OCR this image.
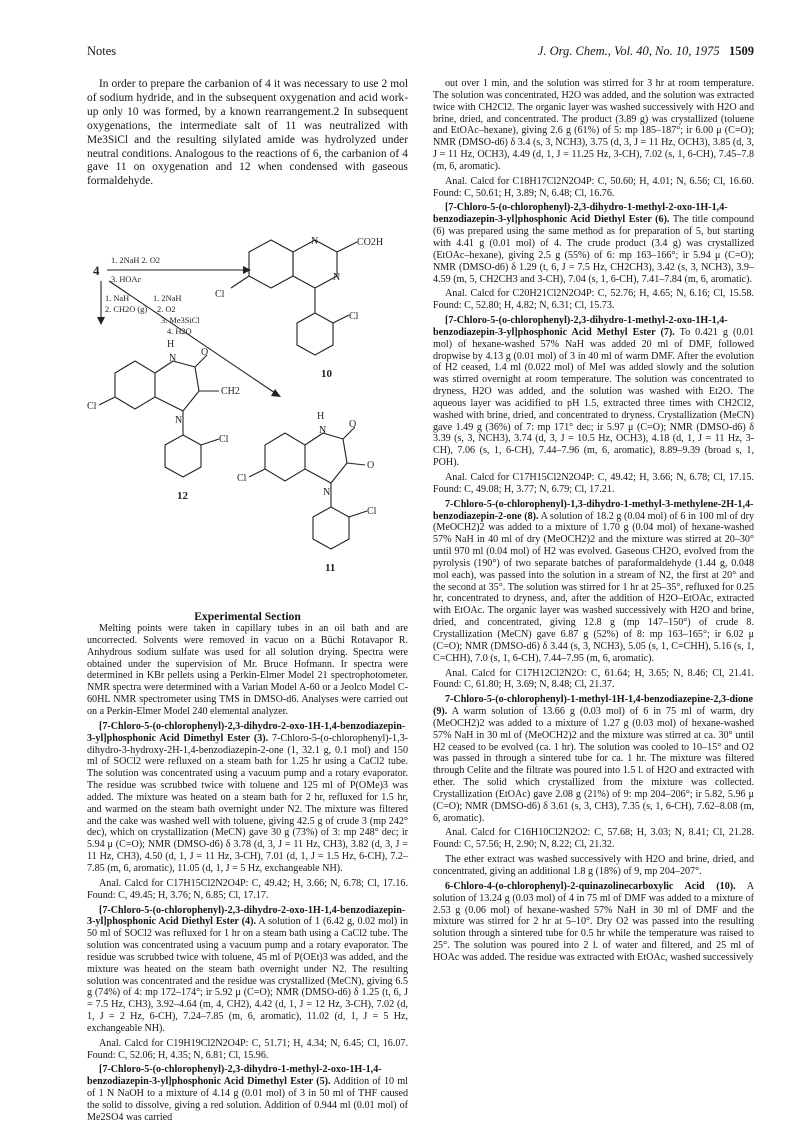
Notes	J. Org. Chem., Vol. 40, No. 10, 1975 1509

In order to prepare the carbanion of 4 it was necessary to use 2 mol of sodium hydride, and in the subsequent oxygenation and acid work-up only 10 was formed, by a known rearrangement.2 In subsequent oxygenations, the intermediate salt of 11 was neutralized with Me3SiCl and the resulting silylated amide was hydrolyzed under neutral conditions. Analogous to the reactions of 6, the carbanion of 4 gave 11 on oxygenation and 12 when condensed with gaseous formaldehyde.

4
1. 2NaH 2. O2
3. HOAc
1. NaH
2. CH2O (g)
1. 2NaH
2. O2
3. Me3SiCl
4. H2O
N
N
CO2H
Cl
Cl
10
H
N
O
CH2
N
Cl
Cl
12
H
N
O
O
N
Cl
Cl
11

Experimental Section

Melting points were taken in capillary tubes in an oil bath and are uncorrected. Solvents were removed in vacuo on a Büchi Rotavapor R. Anhydrous sodium sulfate was used for all solution drying. Spectra were obtained under the supervision of Mr. Bruce Hofmann. Ir spectra were determined in KBr pellets using a Perkin-Elmer Model 21 spectrophotometer. NMR spectra were determined with a Varian Model A-60 or a Jeolco Model C-60HL NMR spectrometer using TMS in DMSO-d6. Analyses were carried out on a Perkin-Elmer Model 240 elemental analyzer.

[7-Chloro-5-(o-chlorophenyl)-2,3-dihydro-2-oxo-1H-1,4-benzodiazepin-3-yl]phosphonic Acid Dimethyl Ester (3). 7-Chloro-5-(o-chlorophenyl)-1,3-dihydro-3-hydroxy-2H-1,4-benzodiazepin-2-one (1, 32.1 g, 0.1 mol) and 150 ml of SOCl2 were refluxed on a steam bath for 1.25 hr using a CaCl2 tube. The solution was concentrated using a vacuum pump and a rotary evaporator. The residue was scrubbed twice with toluene and 125 ml of P(OMe)3 was added. The mixture was heated on a steam bath for 2 hr, refluxed for 1.5 hr, and warmed on the steam bath overnight under N2. The mixture was filtered and the cake was washed well with toluene, giving 42.5 g of crude 3 (mp 242° dec), which on crystallization (MeCN) gave 30 g (73%) of 3: mp 248° dec; ir 5.94 μ (C=O); NMR (DMSO-d6) δ 3.78 (d, 3, J = 11 Hz, CH3), 3.82 (d, 3, J = 11 Hz, CH3), 4.50 (d, 1, J = 11 Hz, 3-CH), 7.01 (d, 1, J = 1.5 Hz, 6-CH), 7.2–7.85 (m, 6, aromatic), 11.05 (d, 1, J = 5 Hz, exchangeable NH).

Anal. Calcd for C17H15Cl2N2O4P: C, 49.42; H, 3.66; N, 6.78; Cl, 17.16. Found: C, 49.45; H, 3.76; N, 6.85; Cl, 17.17.

[7-Chloro-5-(o-chlorophenyl)-2,3-dihydro-2-oxo-1H-1,4-benzodiazepin-3-yl]phosphonic Acid Diethyl Ester (4). A solution of 1 (6.42 g, 0.02 mol) in 50 ml of SOCl2 was refluxed for 1 hr on a steam bath using a CaCl2 tube. The solution was concentrated using a vacuum pump and a rotary evaporator. The residue was scrubbed twice with toluene, 45 ml of P(OEt)3 was added, and the mixture was heated on the steam bath overnight under N2. The resulting solution was concentrated and the residue was crystallized (MeCN), giving 6.5 g (74%) of 4: mp 172–174°; ir 5.92 μ (C=O); NMR (DMSO-d6) δ 1.25 (t, 6, J = 7.5 Hz, CH3), 3.92–4.64 (m, 4, CH2), 4.42 (d, 1, J = 12 Hz, 3-CH), 7.02 (d, 1, J = 2 Hz, 6-CH), 7.24–7.85 (m, 6, aromatic), 11.02 (d, 1, J = 5 Hz, exchangeable NH).

Anal. Calcd for C19H19Cl2N2O4P: C, 51.71; H, 4.34; N, 6.45; Cl, 16.07. Found: C, 52.06; H, 4.35; N, 6.81; Cl, 15.96.

[7-Chloro-5-(o-chlorophenyl)-2,3-dihydro-1-methyl-2-oxo-1H-1,4-benzodiazepin-3-yl]phosphonic Acid Dimethyl Ester (5). Addition of 10 ml of 1 N NaOH to a mixture of 4.14 g (0.01 mol) of 3 in 50 ml of THF caused the solid to dissolve, giving a red solution. Addition of 0.944 ml (0.01 mol) of Me2SO4 was carried

out over 1 min, and the solution was stirred for 3 hr at room temperature. The solution was concentrated, H2O was added, and the solution was extracted twice with CH2Cl2. The organic layer was washed successively with H2O and brine, dried, and concentrated. The product (3.89 g) was crystallized (toluene and EtOAc–hexane), giving 2.6 g (61%) of 5: mp 185–187°; ir 6.00 μ (C=O); NMR (DMSO-d6) δ 3.4 (s, 3, NCH3), 3.75 (d, 3, J = 11 Hz, OCH3), 3.85 (d, 3, J = 11 Hz, OCH3), 4.49 (d, 1, J = 11.25 Hz, 3-CH), 7.02 (s, 1, 6-CH), 7.45–7.8 (m, 6, aromatic).

Anal. Calcd for C18H17Cl2N2O4P: C, 50.60; H, 4.01; N, 6.56; Cl, 16.60. Found: C, 50.61; H, 3.89; N, 6.48; Cl, 16.76.

[7-Chloro-5-(o-chlorophenyl)-2,3-dihydro-1-methyl-2-oxo-1H-1,4-benzodiazepin-3-yl]phosphonic Acid Diethyl Ester (6). The title compound (6) was prepared using the same method as for preparation of 5, but starting with 4.41 g (0.01 mol) of 4. The crude product (3.4 g) was crystallized (EtOAc–hexane), giving 2.5 g (55%) of 6: mp 163–166°; ir 5.94 μ (C=O); NMR (DMSO-d6) δ 1.29 (t, 6, J = 7.5 Hz, CH2CH3), 3.42 (s, 3, NCH3), 3.9–4.59 (m, 5, CH2CH3 and 3-CH), 7.04 (s, 1, 6-CH), 7.41–7.84 (m, 6, aromatic).

Anal. Calcd for C20H21Cl2N2O4P: C, 52.76; H, 4.65; N, 6.16; Cl, 15.58. Found: C, 52.80; H, 4.82; N, 6.31; Cl, 15.73.

[7-Chloro-5-(o-chlorophenyl)-2,3-dihydro-1-methyl-2-oxo-1H-1,4-benzodiazepin-3-yl]phosphonic Acid Methyl Ester (7). To 0.421 g (0.01 mol) of hexane-washed 57% NaH was added 20 ml of DMF, followed dropwise by 4.13 g (0.01 mol) of 3 in 40 ml of warm DMF. After the evolution of H2 ceased, 1.4 ml (0.022 mol) of MeI was added slowly and the solution was stirred overnight at room temperature. The solution was concentrated to dryness, H2O was added, and the solution was washed with Et2O. The aqueous layer was acidified to pH 1.5, extracted three times with CH2Cl2, washed with brine, dried, and concentrated to dryness. Crystallization (MeCN) gave 1.49 g (36%) of 7: mp 171° dec; ir 5.97 μ (C=O); NMR (DMSO-d6) δ 3.39 (s, 3, NCH3), 3.74 (d, 3, J = 10.5 Hz, OCH3), 4.18 (d, 1, J = 11 Hz, 3-CH), 7.06 (s, 1, 6-CH), 7.44–7.96 (m, 6, aromatic), 8.89–9.39 (broad s, 1, POH).

Anal. Calcd for C17H15Cl2N2O4P: C, 49.42; H, 3.66; N, 6.78; Cl, 17.15. Found: C, 49.08; H, 3.77; N, 6.79; Cl, 17.21.

7-Chloro-5-(o-chlorophenyl)-1,3-dihydro-1-methyl-3-methylene-2H-1,4-benzodiazepin-2-one (8). A solution of 18.2 g (0.04 mol) of 6 in 100 ml of dry (MeOCH2)2 was added to a mixture of 1.70 g (0.04 mol) of hexane-washed 57% NaH in 40 ml of dry (MeOCH2)2 and the mixture was stirred at 20–30° until 970 ml (0.04 mol) of H2 was evolved. Gaseous CH2O, evolved from the pyrolysis (190°) of two separate batches of paraformaldehyde (1.44 g, 0.048 mol each), was passed into the solution in a stream of N2, the first at 20° and the second at 35°. The solution was stirred for 1 hr at 25–35°, refluxed for 0.25 hr, concentrated to dryness, and, after the addition of H2O–EtOAc, extracted with EtOAc. The organic layer was washed successively with H2O and brine, dried, and concentrated, giving 12.8 g (mp 147–150°) of crude 8. Crystallization (MeCN) gave 6.87 g (52%) of 8: mp 163–165°; ir 6.02 μ (C=O); NMR (DMSO-d6) δ 3.44 (s, 3, NCH3), 5.05 (s, 1, C=CHH), 5.16 (s, 1, C=CHH), 7.0 (s, 1, 6-CH), 7.44–7.95 (m, 6, aromatic).

Anal. Calcd for C17H12Cl2N2O: C, 61.64; H, 3.65; N, 8.46; Cl, 21.41. Found: C, 61.80; H, 3.69; N, 8.48; Cl, 21.37.

7-Chloro-5-(o-chlorophenyl)-1-methyl-1H-1,4-benzodiazepine-2,3-dione (9). A warm solution of 13.66 g (0.03 mol) of 6 in 75 ml of warm, dry (MeOCH2)2 was added to a mixture of 1.27 g (0.03 mol) of hexane-washed 57% NaH in 30 ml of (MeOCH2)2 and the mixture was stirred at ca. 30° until H2 ceased to be evolved (ca. 1 hr). The solution was cooled to 10–15° and O2 was passed in through a sintered tube for ca. 1 hr. The mixture was filtered through Celite and the filtrate was poured into 1.5 l. of H2O and extracted with ether. The solid which crystallized from the mixture was collected. Crystallization (EtOAc) gave 2.08 g (21%) of 9: mp 204–206°; ir 5.82, 5.96 μ (C=O); NMR (DMSO-d6) δ 3.61 (s, 3, CH3), 7.35 (s, 1, 6-CH), 7.62–8.08 (m, 6, aromatic).

Anal. Calcd for C16H10Cl2N2O2: C, 57.68; H, 3.03; N, 8.41; Cl, 21.28. Found: C, 57.56; H, 2.90; N, 8.22; Cl, 21.32.

The ether extract was washed successively with H2O and brine, dried, and concentrated, giving an additional 1.8 g (18%) of 9, mp 204–207°.

6-Chloro-4-(o-chlorophenyl)-2-quinazolinecarboxylic Acid (10). A solution of 13.24 g (0.03 mol) of 4 in 75 ml of DMF was added to a mixture of 2.53 g (0.06 mol) of hexane-washed 57% NaH in 30 ml of DMF and the mixture was stirred for 2 hr at 5–10°. Dry O2 was passed into the resulting solution through a sintered tube for 0.5 hr while the temperature was raised to 25°. The solution was poured into 2 l. of water and filtered, and 25 ml of HOAc was added. The residue was extracted with EtOAc, washed successively
